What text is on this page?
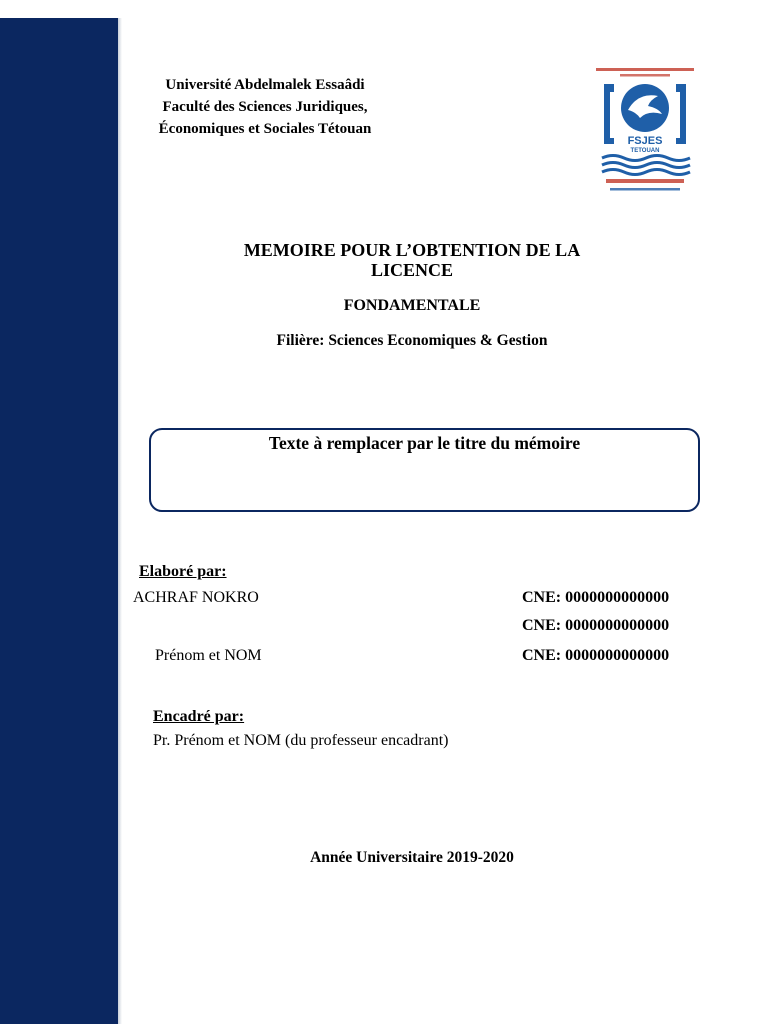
Université Abdelmalek Essaâdi
Faculté des Sciences Juridiques,
Économiques et Sociales Tétouan
FSJES
TETOUAN
MEMOIRE POUR L’OBTENTION DE LA
LICENCE
FONDAMENTALE
Filière: Sciences Economiques & Gestion
Texte à remplacer par le titre du mémoire
Elaboré par:
ACHRAF NOKRO
Prénom et NOM
CNE: 0000000000000
CNE: 0000000000000
CNE: 0000000000000
Encadré par:
Pr. Prénom et NOM (du professeur encadrant)
Année Universitaire 2019-2020
